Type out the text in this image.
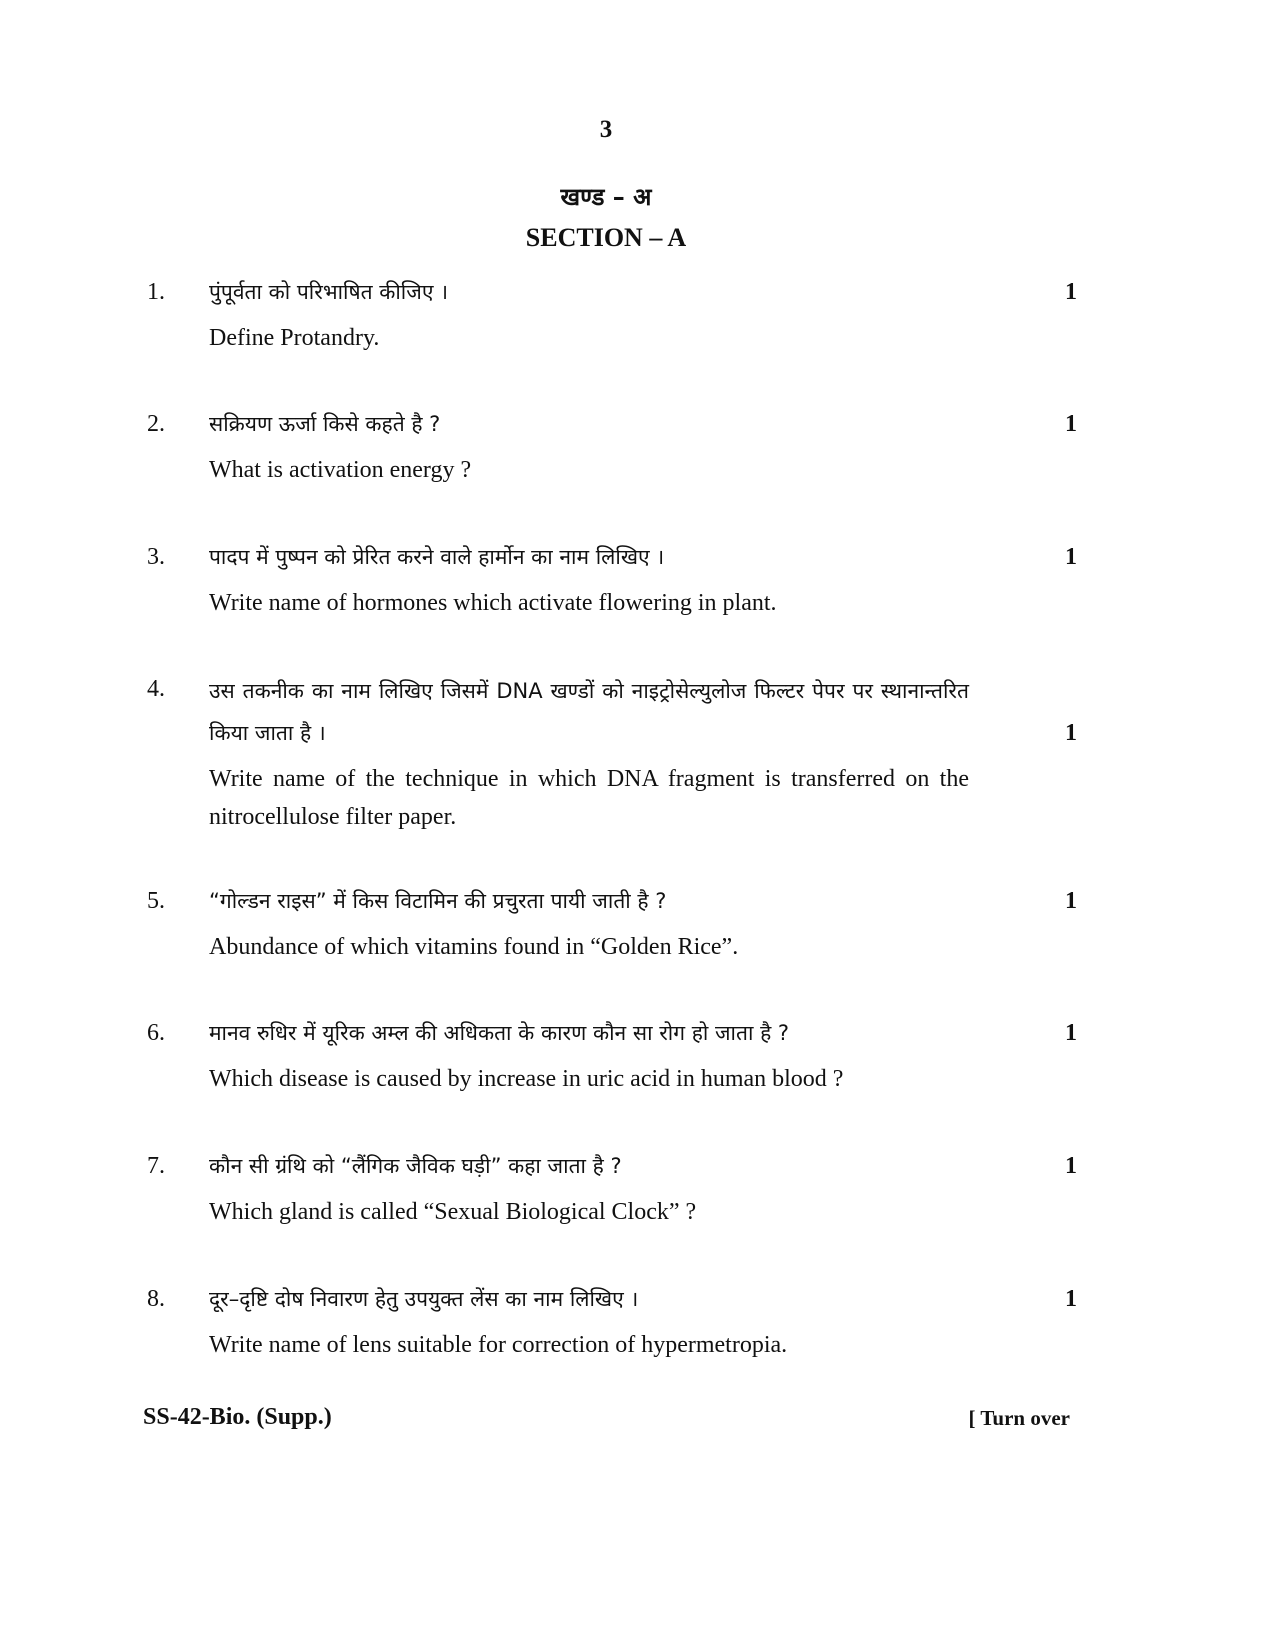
3
खण्ड – अ
SECTION – A
1. पुंपूर्वता को परिभाषित कीजिए ।	1
Define Protandry.
2. सक्रियण ऊर्जा किसे कहते है ?	1
What is activation energy ?
3. पादप में पुष्पन को प्रेरित करने वाले हार्मोन का नाम लिखिए ।	1
Write name of hormones which activate flowering in plant.
4. उस तकनीक का नाम लिखिए जिसमें DNA खण्डों को नाइट्रोसेल्युलोज फिल्टर पेपर पर स्थानान्तरित किया जाता है ।	1
Write name of the technique in which DNA fragment is transferred on the nitrocellulose filter paper.
5. “गोल्डन राइस” में किस विटामिन की प्रचुरता पायी जाती है ?	1
Abundance of which vitamins found in “Golden Rice”.
6. मानव रुधिर में यूरिक अम्ल की अधिकता के कारण कौन सा रोग हो जाता है ?	1
Which disease is caused by increase in uric acid in human blood ?
7. कौन सी ग्रंथि को “लैंगिक जैविक घड़ी” कहा जाता है ?	1
Which gland is called “Sexual Biological Clock” ?
8. दूर–दृष्टि दोष निवारण हेतु उपयुक्त लेंस का नाम लिखिए ।	1
Write name of lens suitable for correction of hypermetropia.
SS-42-Bio. (Supp.)	[ Turn over
